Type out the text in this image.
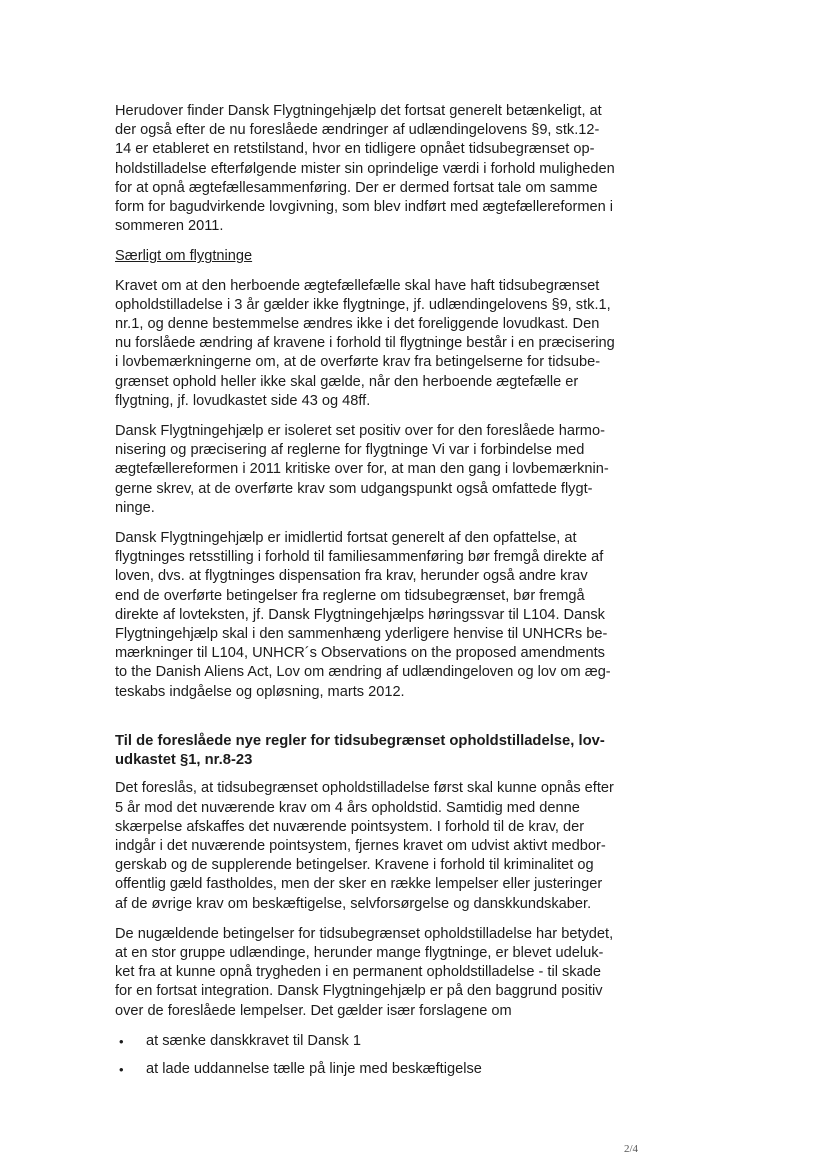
Herudover finder Dansk Flygtningehjælp det fortsat generelt betænkeligt, at
der også efter de nu foreslåede ændringer af udlændingelovens §9, stk.12-
14 er etableret en retstilstand, hvor en tidligere opnået tidsubegrænset op-
holdstilladelse efterfølgende mister sin oprindelige værdi i forhold muligheden
for at opnå ægtefællesammenføring. Der er dermed fortsat tale om samme
form for bagudvirkende lovgivning, som blev indført med ægtefællereformen i
sommeren 2011.

Særligt om flygtninge

Kravet om at den herboende ægtefællefælle skal have haft tidsubegrænset
opholdstilladelse i 3 år gælder ikke flygtninge, jf. udlændingelovens §9, stk.1,
nr.1, og denne bestemmelse ændres ikke i det foreliggende lovudkast. Den
nu forslåede ændring af kravene i forhold til flygtninge består i en præcisering
i lovbemærkningerne om, at de overførte krav fra betingelserne for tidsube-
grænset ophold heller ikke skal gælde, når den herboende ægtefælle er
flygtning, jf. lovudkastet side 43 og 48ff.

Dansk Flygtningehjælp er isoleret set positiv over for den foreslåede harmo-
nisering og præcisering af reglerne for flygtninge Vi var i forbindelse med
ægtefællereformen i 2011 kritiske over for, at man den gang i lovbemærknin-
gerne skrev, at de overførte krav som udgangspunkt også omfattede flygt-
ninge.

Dansk Flygtningehjælp er imidlertid fortsat generelt af den opfattelse, at
flygtninges retsstilling i forhold til familiesammenføring bør fremgå direkte af
loven, dvs. at flygtninges dispensation fra krav, herunder også andre krav
end de overførte betingelser fra reglerne om tidsubegrænset, bør fremgå
direkte af lovteksten, jf. Dansk Flygtningehjælps høringssvar til L104. Dansk
Flygtningehjælp skal i den sammenhæng yderligere henvise til UNHCRs be-
mærkninger til L104, UNHCR´s Observations on the proposed amendments
to the Danish Aliens Act, Lov om ændring af udlændingeloven og lov om æg-
teskabs indgåelse og opløsning, marts 2012.

Til de foreslåede nye regler for tidsubegrænset opholdstilladelse, lov-
udkastet §1, nr.8-23

Det foreslås, at tidsubegrænset opholdstilladelse først skal kunne opnås efter
5 år mod det nuværende krav om 4 års opholdstid. Samtidig med denne
skærpelse afskaffes det nuværende pointsystem. I forhold til de krav, der
indgår i det nuværende pointsystem, fjernes kravet om udvist aktivt medbor-
gerskab og de supplerende betingelser. Kravene i forhold til kriminalitet og
offentlig gæld fastholdes, men der sker en række lempelser eller justeringer
af de øvrige krav om beskæftigelse, selvforsørgelse og danskkundskaber.

De nugældende betingelser for tidsubegrænset opholdstilladelse har betydet,
at en stor gruppe udlændinge, herunder mange flygtninge, er blevet udeluk-
ket fra at kunne opnå trygheden i en permanent opholdstilladelse - til skade
for en fortsat integration. Dansk Flygtningehjælp er på den baggrund positiv
over de foreslåede lempelser. Det gælder især forslagene om

• at sænke danskkravet til Dansk 1
• at lade uddannelse tælle på linje med beskæftigelse
2/4
